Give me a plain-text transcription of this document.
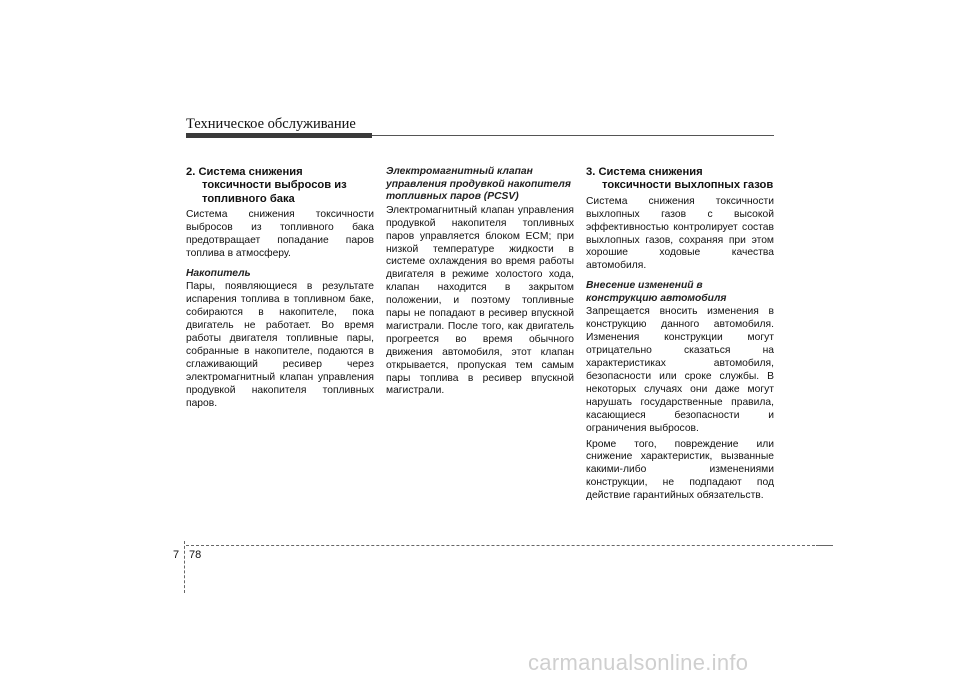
Техническое обслуживание
2. Система снижения токсичности выбросов из топливного бака

Система снижения токсичности выбросов из топливного бака предотвращает попадание паров топлива в атмосферу.

Накопитель

Пары, появляющиеся в результате испарения топлива в топливном баке, собираются в накопителе, пока двигатель не работает. Во время работы двигателя топливные пары, собранные в накопителе, подаются в сглаживающий ресивер через электромагнитный клапан управления продувкой накопителя топливных паров.

Электромагнитный клапан управления продувкой накопителя топливных паров (PCSV)

Электромагнитный клапан управления продувкой накопителя топливных паров управляется блоком ECM; при низкой температуре жидкости в системе охлаждения во время работы двигателя в режиме холостого хода, клапан находится в закрытом положении, и поэтому топливные пары не попадают в ресивер впускной магистрали. После того, как двигатель прогреется во время обычного движения автомобиля, этот клапан открывается, пропуская тем самым пары топлива в ресивер впускной магистрали.

3. Система снижения токсичности выхлопных газов

Система снижения токсичности выхлопных газов с высокой эффективностью контролирует состав выхлопных газов, сохраняя при этом хорошие ходовые качества автомобиля.

Внесение изменений в конструкцию автомобиля

Запрещается вносить изменения в конструкцию данного автомобиля. Изменения конструкции могут отрицательно сказаться на характеристиках автомобиля, безопасности или сроке службы. В некоторых случаях они даже могут нарушать государственные правила, касающиеся безопасности и ограничения выбросов.

Кроме того, повреждение или снижение характеристик, вызванные какими-либо изменениями конструкции, не подпадают под действие гарантийных обязательств.

7 78
carmanualsonline.info
